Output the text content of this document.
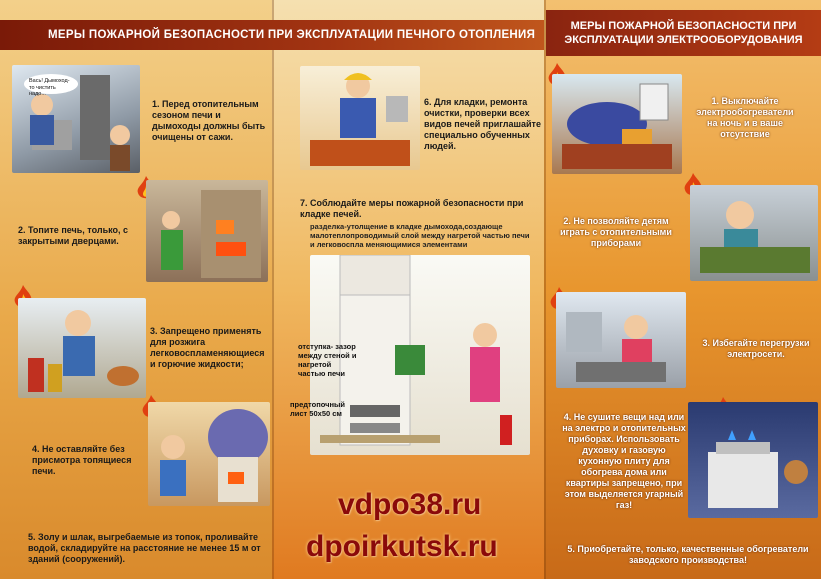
МЕРЫ ПОЖАРНОЙ БЕЗОПАСНОСТИ ПРИ ЭКСПЛУАТАЦИИ ПЕЧНОГО ОТОПЛЕНИЯ
МЕРЫ ПОЖАРНОЙ БЕЗОПАСНОСТИ ПРИ
ЭКСПЛУАТАЦИИ ЭЛЕКТРООБОРУДОВАНИЯ
Вась! Дымоход-то чистить надо...
1. Перед отопительным сезоном печи и дымоходы должны быть очищены от сажи.
2. Топите печь, только, с закрытыми дверцами.
3. Запрещено применять для розжига легковоспламеняющиеся и горючие жидкости;
4. Не оставляйте без присмотра топящиеся печи.
5. Золу и шлак, выгребаемые из топок, проливайте водой, складируйте на расстояние не менее 15 м от зданий (сооружений).
6. Для кладки, ремонта очистки, проверки всех видов печей приглашайте специально обученных людей.
7. Соблюдайте меры пожарной безопасности при кладке печей.
разделка-утолщение в кладке дымохода,создающе малотеплопроводимый слой между нагретой частью печи и легковоспла меняющимися элементами
отступка- зазор между стеной и нагретой частью печи
предтопочный лист 50х50 см
vdpo38.ru
dpoirkutsk.ru
1. Выключайте электрообогреватели на ночь и в ваше отсутствие
2. Не позволяйте детям играть с отопительными приборами
3. Избегайте перегрузки электросети.
4. Не сушите вещи над или на электро и отопительных приборах. Использовать духовку и газовую кухонную плиту для обогрева дома или квартиры запрещено, при этом выделяется угарный газ!
5. Приобретайте, только, качественные обогреватели заводского производства!
